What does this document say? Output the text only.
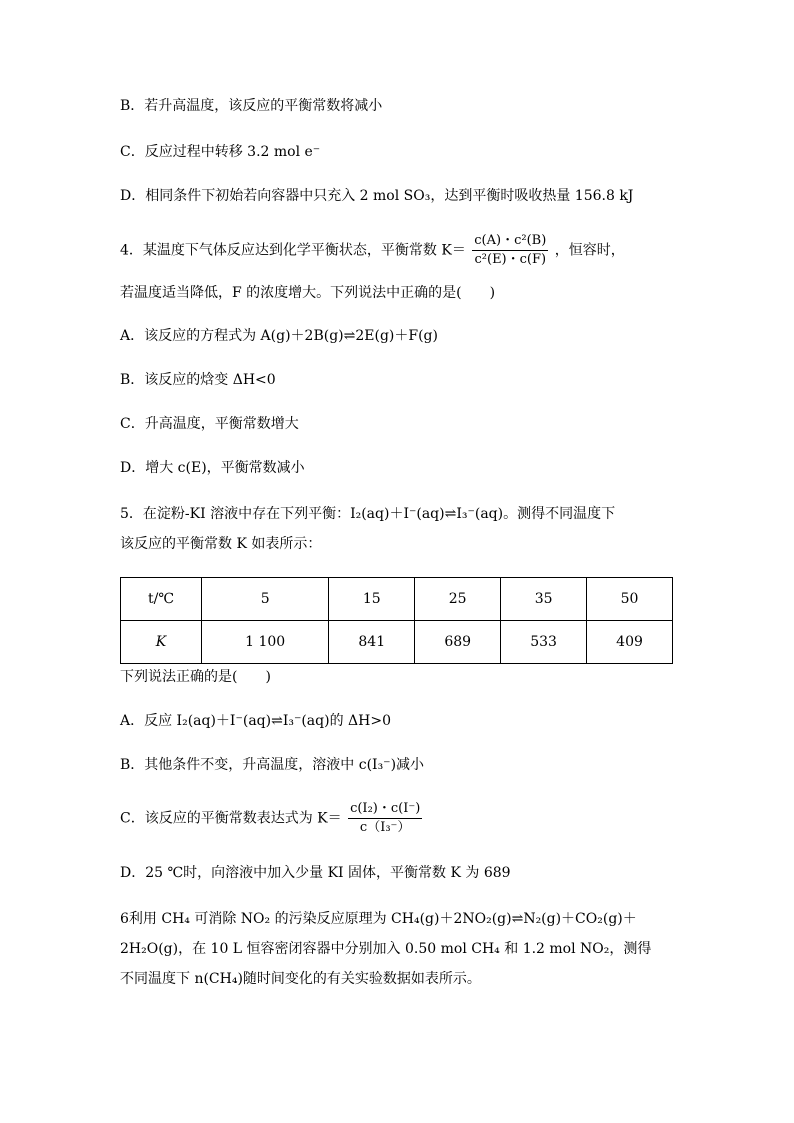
B．若升高温度，该反应的平衡常数将减小
C．反应过程中转移 3.2 mol e⁻
D．相同条件下初始若向容器中只充入 2 mol SO₃，达到平衡时吸收热量 156.8 kJ
4．某温度下气体反应达到化学平衡状态，平衡常数 $K= \frac{\text{c(A)・c²(B)}}{\text{c²(E)・c(F)}}$ ，恒容时，
若温度适当降低，F 的浓度增大。下列说法中正确的是(　　)
A．该反应的方程式为 A(g)＋2B(g)⇌2E(g)＋F(g)
B．该反应的焓变 ΔH<0
C．升高温度，平衡常数增大
D．增大 c(E)，平衡常数减小
5．在淀粉-KI 溶液中存在下列平衡：I₂(aq)＋I⁻(aq)⇌I₃⁻(aq)。测得不同温度下
该反应的平衡常数 K 如表所示：
t/℃	5	15	25	35	50
K	1 100	841	689	533	409
下列说法正确的是(　　)
A．反应 I₂(aq)＋I⁻(aq)⇌I₃⁻(aq)的 ΔH>0
B．其他条件不变，升高温度，溶液中 c(I₃⁻)减小
C．该反应的平衡常数表达式为 $K= \frac{\text{c(I₂)・c(I⁻)}}{\text{c（I₃⁻）}}$
D．25 ℃时，向溶液中加入少量 KI 固体，平衡常数 K 为 689
6利用 CH₄ 可消除 NO₂ 的污染反应原理为 CH₄(g)＋2NO₂(g)⇌N₂(g)＋CO₂(g)＋
2H₂O(g)，在 10 L 恒容密闭容器中分别加入 0.50 mol CH₄ 和 1.2 mol NO₂，测得
不同温度下 n(CH₄)随时间变化的有关实验数据如表所示。
